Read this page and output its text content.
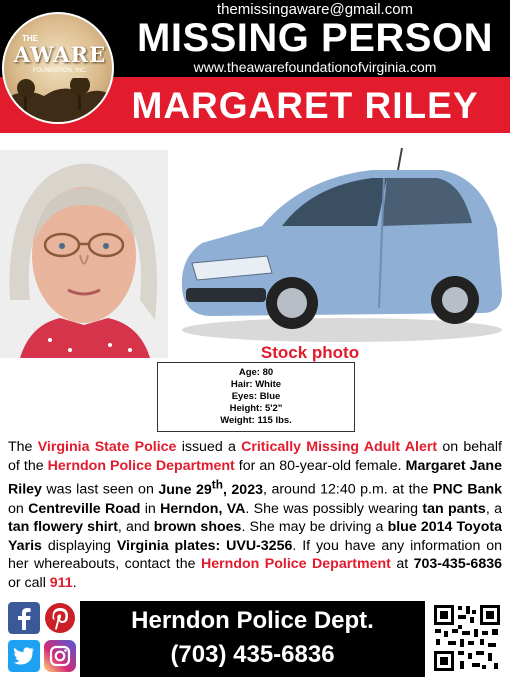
THE
AWARE
FOUNDATION, INC.
themissingaware@gmail.com
MISSING PERSON
www.theawarefoundationofvirginia.com
MARGARET RILEY
Stock photo
Age: 80
Hair: White
Eyes: Blue
Height: 5'2"
Weight: 115 lbs.
The Virginia State Police issued a Critically Missing Adult Alert on behalf of the Herndon Police Department for an 80-year-old female. Margaret Jane Riley was last seen on June 29th, 2023, around 12:40 p.m. at the PNC Bank on Centreville Road in Herndon, VA. She was possibly wearing tan pants, a tan flowery shirt, and brown shoes. She may be driving a blue 2014 Toyota Yaris displaying Virginia plates: UVU-3256. If you have any information on her whereabouts, contact the Herndon Police Department at 703-435-6836 or call 911.
Herndon Police Dept.
(703) 435-6836
